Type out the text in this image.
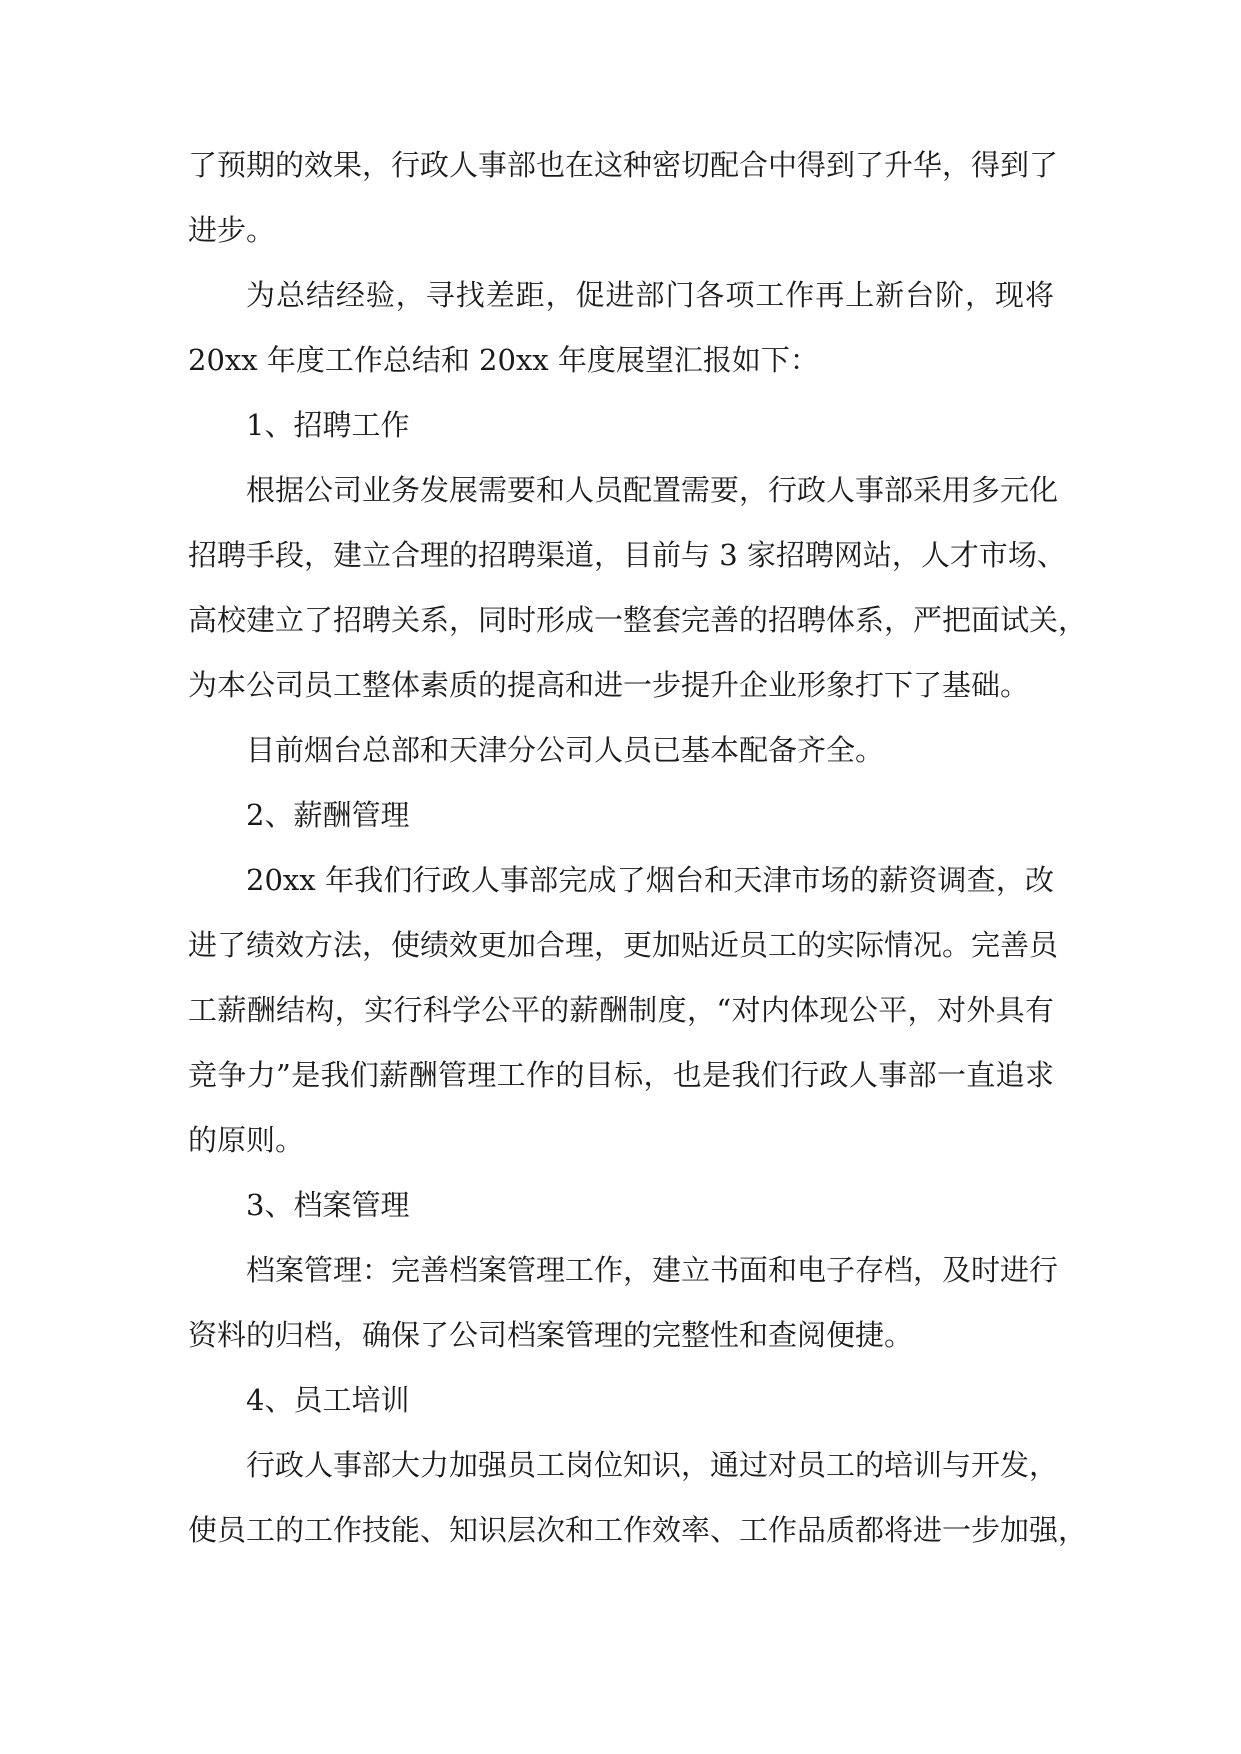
了预期的效果，行政人事部也在这种密切配合中得到了升华，得到了
进步。
为总结经验，寻找差距，促进部门各项工作再上新台阶，现将
20xx 年度工作总结和 20xx 年度展望汇报如下：
1、招聘工作
根据公司业务发展需要和人员配置需要，行政人事部采用多元化
招聘手段，建立合理的招聘渠道，目前与 3 家招聘网站，人才市场、
高校建立了招聘关系，同时形成一整套完善的招聘体系，严把面试关，
为本公司员工整体素质的提高和进一步提升企业形象打下了基础。
目前烟台总部和天津分公司人员已基本配备齐全。
2、薪酬管理
20xx 年我们行政人事部完成了烟台和天津市场的薪资调查，改
进了绩效方法，使绩效更加合理，更加贴近员工的实际情况。完善员
工薪酬结构，实行科学公平的薪酬制度，“对内体现公平，对外具有
竞争力”是我们薪酬管理工作的目标，也是我们行政人事部一直追求
的原则。
3、档案管理
档案管理：完善档案管理工作，建立书面和电子存档，及时进行
资料的归档，确保了公司档案管理的完整性和查阅便捷。
4、员工培训
行政人事部大力加强员工岗位知识，通过对员工的培训与开发，
使员工的工作技能、知识层次和工作效率、工作品质都将进一步加强，
